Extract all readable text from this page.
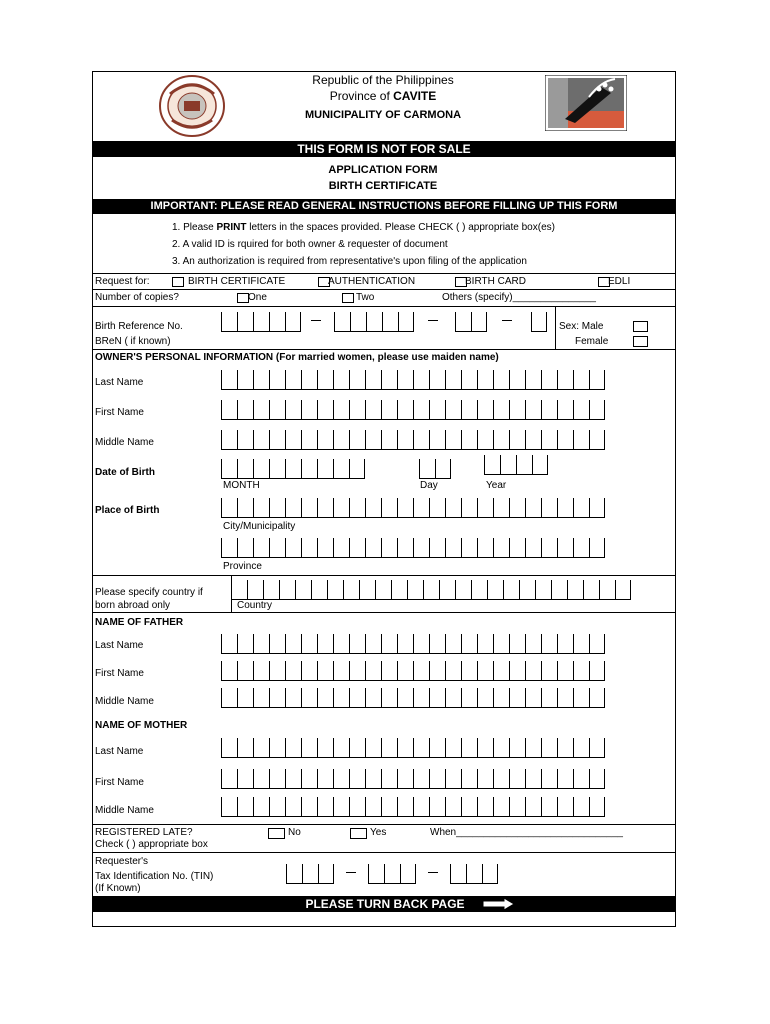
Republic of the Philippines
Province of CAVITE
MUNICIPALITY OF CARMONA
THIS FORM IS NOT FOR SALE
APPLICATION FORM
BIRTH CERTIFICATE
IMPORTANT: PLEASE READ GENERAL INSTRUCTIONS BEFORE FILLING UP THIS FORM
1. Please PRINT letters in the spaces provided. Please CHECK ( ) appropriate box(es)
2. A valid ID is rquired for both owner & requester of document
3. An authorization is required from representative's upon filing of the application
Request for:	BIRTH CERTIFICATE	AUTHENTICATION	BIRTH CARD	EDLI
Number of copies?	One	Two	Others (specify)_______________
Birth Reference No.
BReN ( if known)
Sex: Male
Female
OWNER'S PERSONAL INFORMATION (For married women, please use maiden name)
Last Name
First Name
Middle Name
Date of Birth
MONTH	Day	Year
Place of Birth
City/Municipality
Province
Please specify country if
born abroad only	Country
NAME OF FATHER
Last Name
First Name
Middle Name
NAME OF MOTHER
Last Name
First Name
Middle Name
REGISTERED LATE?
Check ( ) appropriate box
No	Yes	When______________________________
Requester's
Tax Identification No. (TIN)
(If Known)
PLEASE TURN BACK PAGE
